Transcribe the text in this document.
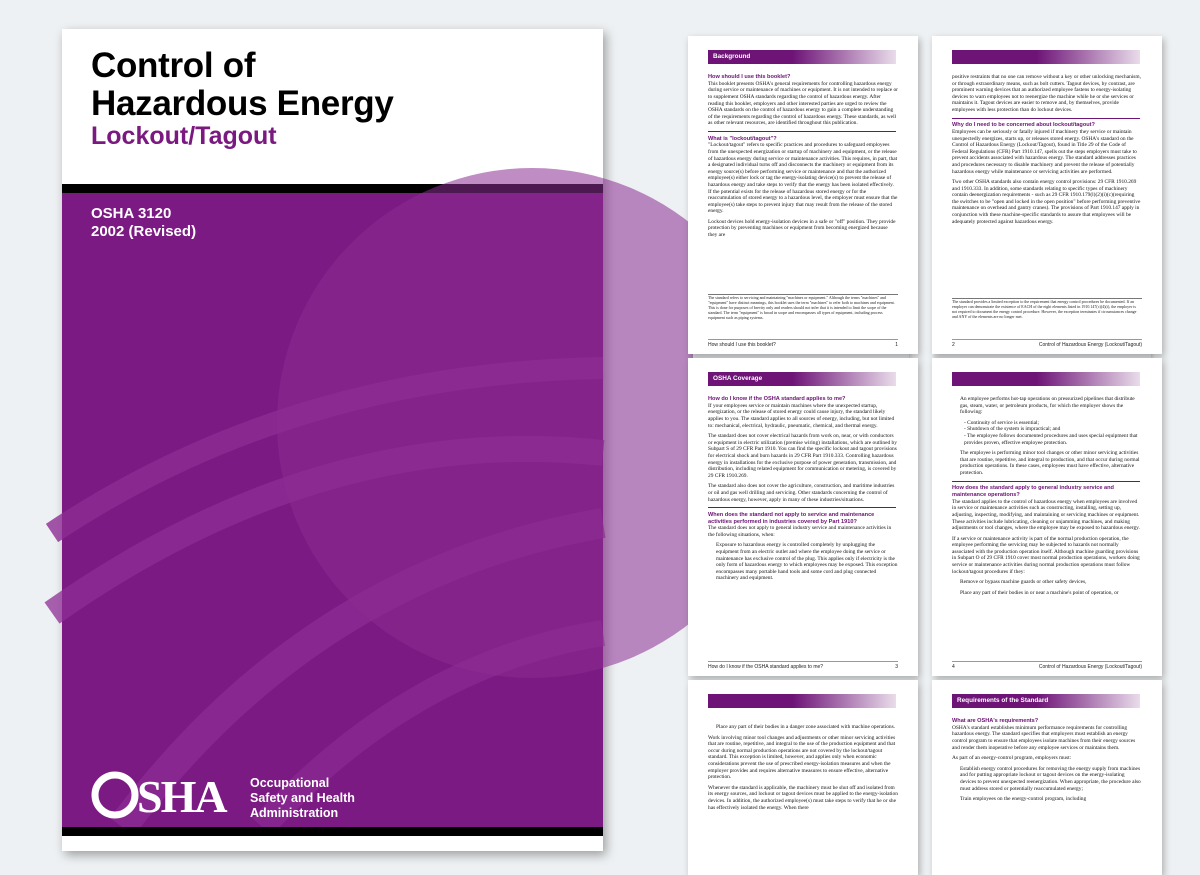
Control of
Hazardous Energy
Lockout/Tagout
OSHA 3120
2002 (Revised)
SHA Occupational
Safety and Health
Administration
Background
How should I use this booklet?
This booklet presents OSHA's general requirements for controlling hazardous energy during service or maintenance of machines or equipment. It is not intended to replace or to supplement OSHA standards regarding the control of hazardous energy. After reading this booklet, employers and other interested parties are urged to review the OSHA standards on the control of hazardous energy to gain a complete understanding of the requirements regarding the control of hazardous energy. These standards, as well as other relevant resources, are identified throughout this publication.
What is "lockout/tagout"?
"Lockout/tagout" refers to specific practices and procedures to safeguard employees from the unexpected energization or startup of machinery and equipment, or the release of hazardous energy during service or maintenance activities. This requires, in part, that a designated individual turns off and disconnects the machinery or equipment from its energy source(s) before performing service or maintenance and that the authorized employee(s) either lock or tag the energy-isolating device(s) to prevent the release of hazardous energy and take steps to verify that the energy has been isolated effectively. If the potential exists for the release of hazardous stored energy or for the reaccumulation of stored energy to a hazardous level, the employer must ensure that the employee(s) take steps to prevent injury that may result from the release of the stored energy.
Lockout devices hold energy-isolation devices in a safe or "off" position. They provide protection by preventing machines or equipment from becoming energized because they are
The standard refers to servicing and maintaining "machines or equipment." Although the terms "machines" and "equipment" have distinct meanings, this booklet uses the term "machines" to refer both to machines and equipment. This is done for purposes of brevity only and readers should not infer that it is intended to limit the scope of the standard. The term "equipment" is broad in scope and encompasses all types of equipment, including process equipment such as piping systems.
How should I use this booklet?	1
positive restraints that no one can remove without a key or other unlocking mechanism, or through extraordinary means, such as bolt cutters. Tagout devices, by contrast, are prominent warning devices that an authorized employee fastens to energy-isolating devices to warn employees not to reenergize the machine while he or she services or maintains it. Tagout devices are easier to remove and, by themselves, provide employees with less protection than do lockout devices.
Why do I need to be concerned about lockout/tagout?
Employees can be seriously or fatally injured if machinery they service or maintain unexpectedly energizes, starts up, or releases stored energy. OSHA's standard on the Control of Hazardous Energy (Lockout/Tagout), found in Title 29 of the Code of Federal Regulations (CFR) Part 1910.147, spells out the steps employers must take to prevent accidents associated with hazardous energy. The standard addresses practices and procedures necessary to disable machinery and prevent the release of potentially hazardous energy while maintenance or servicing activities are performed.
Two other OSHA standards also contain energy control provisions: 29 CFR 1910.269 and 1910.333. In addition, some standards relating to specific types of machinery contain deenergization requirements - such as 29 CFR 1910.179(l)(2)(i)(c)(requiring the switches to be "open and locked in the open position" before performing preventive maintenance on overhead and gantry cranes). The provisions of Part 1910.147 apply in conjunction with these machine-specific standards to assure that employees will be adequately protected against hazardous energy.
The standard provides a limited exception to the requirement that energy control procedures be documented. If an employer can demonstrate the existence of EACH of the eight elements listed in 1910.147(c)(4)(i), the employer is not required to document the energy control procedure. However, the exception terminates if circumstances change and ANY of the elements are no longer met.
2	Control of Hazardous Energy (Lockout/Tagout)
OSHA Coverage
How do I know if the OSHA standard applies to me?
If your employees service or maintain machines where the unexpected startup, energization, or the release of stored energy could cause injury, the standard likely applies to you. The standard applies to all sources of energy, including, but not limited to: mechanical, electrical, hydraulic, pneumatic, chemical, and thermal energy.
The standard does not cover electrical hazards from work on, near, or with conductors or equipment in electric utilization (premise wiring) installations, which are outlined by Subpart S of 29 CFR Part 1910. You can find the specific lockout and tagout provisions for electrical shock and burn hazards in 29 CFR Part 1910.333. Controlling hazardous energy in installations for the exclusive purpose of power generation, transmission, and distribution, including related equipment for communication or metering, is covered by 29 CFR 1910.269.
The standard also does not cover the agriculture, construction, and maritime industries or oil and gas well drilling and servicing. Other standards concerning the control of hazardous energy, however, apply in many of these industries/situations.
When does the standard not apply to service and maintenance activities performed in industries covered by Part 1910?
The standard does not apply to general industry service and maintenance activities in the following situations, when:
Exposure to hazardous energy is controlled completely by unplugging the equipment from an electric outlet and where the employee doing the service or maintenance has exclusive control of the plug. This applies only if electricity is the only form of hazardous energy to which employees may be exposed. This exception encompasses many portable hand tools and some cord and plug connected machinery and equipment.
How do I know if the OSHA standard applies to me?	3
An employee performs hot-tap operations on pressurized pipelines that distribute gas, steam, water, or petroleum products, for which the employer shows the following:
- Continuity of service is essential;
- Shutdown of the system is impractical; and
- The employee follows documented procedures and uses special equipment that provides proven, effective employee protection.
The employee is performing minor tool changes or other minor servicing activities that are routine, repetitive, and integral to production, and that occur during normal production operations. In these cases, employees must have effective, alternative protection.
How does the standard apply to general industry service and maintenance operations?
The standard applies to the control of hazardous energy when employees are involved in service or maintenance activities such as constructing, installing, setting up, adjusting, inspecting, modifying, and maintaining or servicing machines or equipment. These activities include lubricating, cleaning or unjamming machines, and making adjustments or tool changes, where the employee may be exposed to hazardous energy.
If a service or maintenance activity is part of the normal production operation, the employee performing the servicing may be subjected to hazards not normally associated with the production operation itself. Although machine guarding provisions in Subpart O of 29 CFR 1910 cover most normal production operations, workers doing service or maintenance activities during normal production operations must follow lockout/tagout procedures if they:
Remove or bypass machine guards or other safety devices,
Place any part of their bodies in or near a machine's point of operation, or
4	Control of Hazardous Energy (Lockout/Tagout)
Place any part of their bodies in a danger zone associated with machine operations.
Work involving minor tool changes and adjustments or other minor servicing activities that are routine, repetitive, and integral to the use of the production equipment and that occur during normal production operations are not covered by the lockout/tagout standard. This exception is limited, however, and applies only when economic considerations prevent the use of prescribed energy-isolation measures and when the employer provides and requires alternative measures to ensure effective, alternative protection.
Whenever the standard is applicable, the machinery must be shut off and isolated from its energy sources, and lockout or tagout devices must be applied to the energy-isolation devices. In addition, the authorized employee(s) must take steps to verify that he or she has effectively isolated the energy. When there
Requirements of the Standard
What are OSHA's requirements?
OSHA's standard establishes minimum performance requirements for controlling hazardous energy. The standard specifies that employers must establish an energy control program to ensure that employees isolate machines from their energy sources and render them inoperative before any employee services or maintains them.
As part of an energy-control program, employers must:
Establish energy control procedures for removing the energy supply from machines and for putting appropriate lockout or tagout devices on the energy-isolating devices to prevent unexpected reenergization. When appropriate, the procedure also must address stored or potentially reaccumulated energy;
Train employees on the energy-control program, including
